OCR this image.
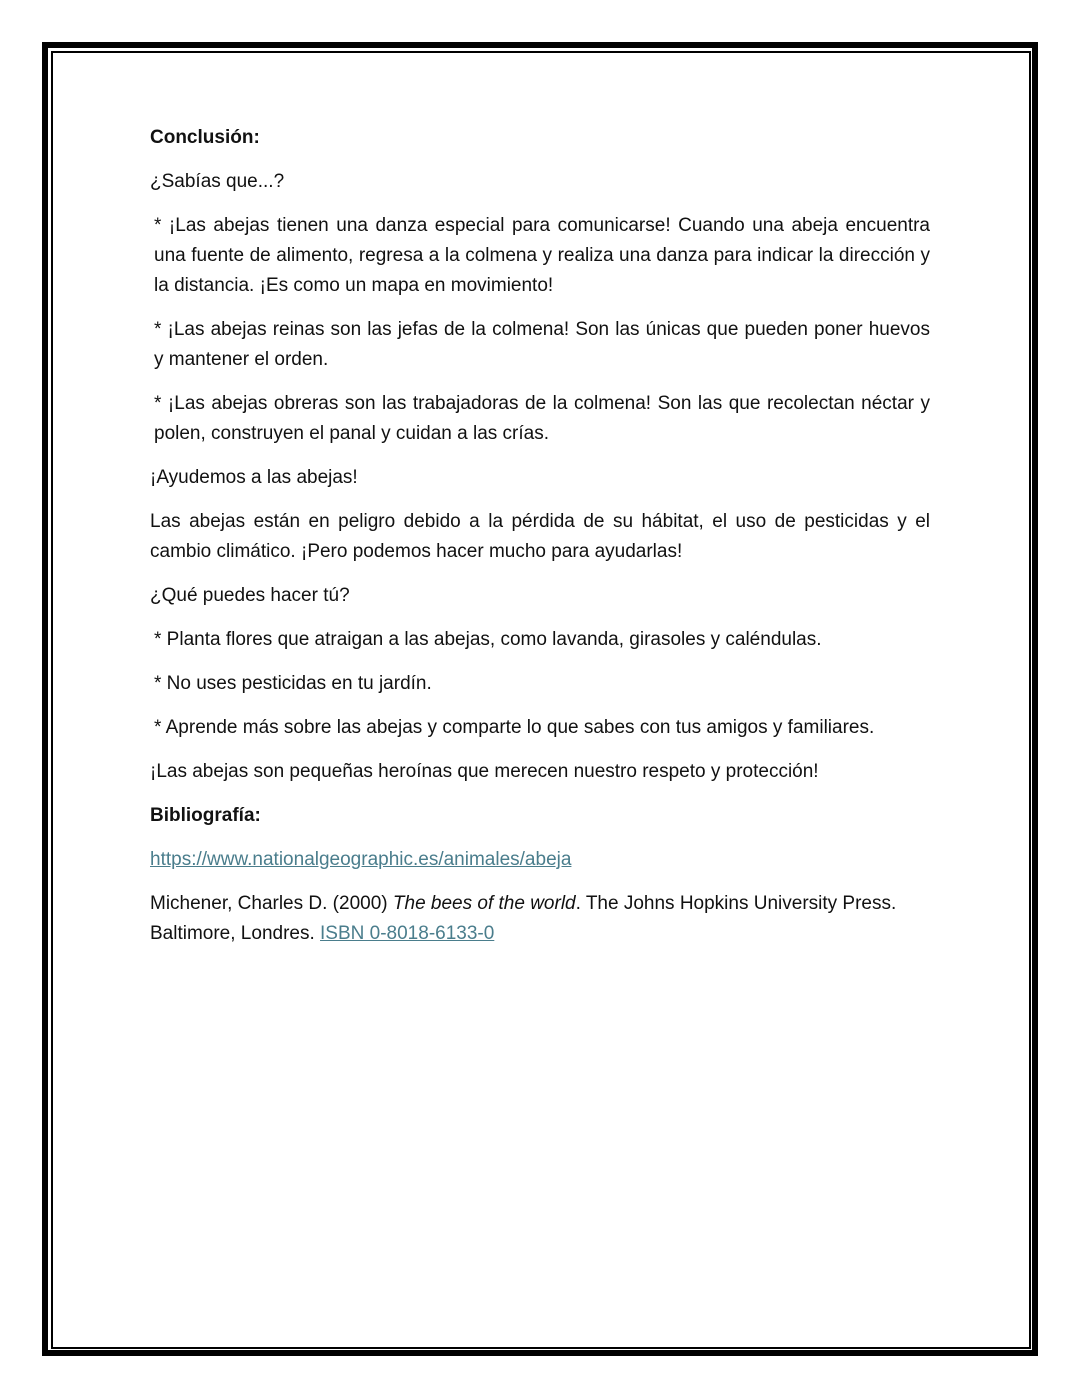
Conclusión:

¿Sabías que...?

* ¡Las abejas tienen una danza especial para comunicarse! Cuando una abeja encuentra una fuente de alimento, regresa a la colmena y realiza una danza para indicar la dirección y la distancia. ¡Es como un mapa en movimiento!

* ¡Las abejas reinas son las jefas de la colmena! Son las únicas que pueden poner huevos y mantener el orden.

* ¡Las abejas obreras son las trabajadoras de la colmena! Son las que recolectan néctar y polen, construyen el panal y cuidan a las crías.

¡Ayudemos a las abejas!

Las abejas están en peligro debido a la pérdida de su hábitat, el uso de pesticidas y el cambio climático. ¡Pero podemos hacer mucho para ayudarlas!

¿Qué puedes hacer tú?

* Planta flores que atraigan a las abejas, como lavanda, girasoles y caléndulas.

* No uses pesticidas en tu jardín.

* Aprende más sobre las abejas y comparte lo que sabes con tus amigos y familiares.

¡Las abejas son pequeñas heroínas que merecen nuestro respeto y protección!

Bibliografía:

https://www.nationalgeographic.es/animales/abeja

Michener, Charles D. (2000) The bees of the world. The Johns Hopkins University Press. Baltimore, Londres. ISBN 0-8018-6133-0
